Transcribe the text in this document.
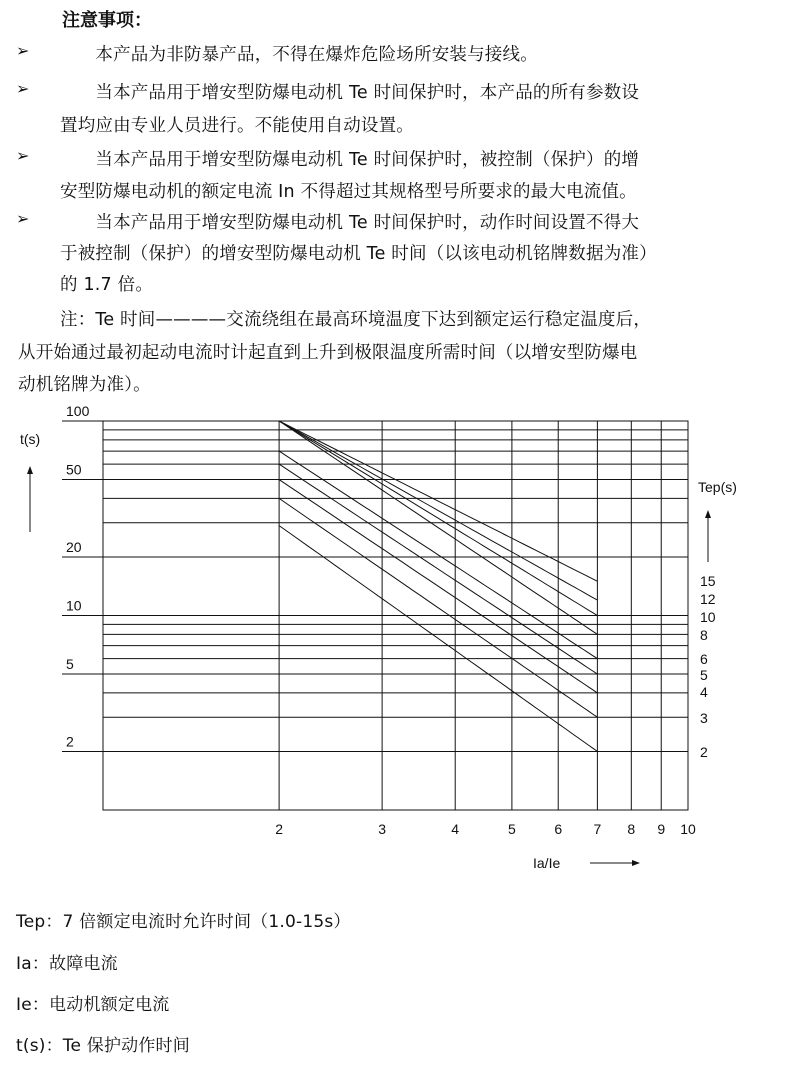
注意事项：
➢ 　　本产品为非防暴产品，不得在爆炸危险场所安装与接线。
➢ 　　当本产品用于增安型防爆电动机 Te 时间保护时，本产品的所有参数设
置均应由专业人员进行。不能使用自动设置。
➢ 　　当本产品用于增安型防爆电动机 Te 时间保护时，被控制（保护）的增
安型防爆电动机的额定电流 In 不得超过其规格型号所要求的最大电流值。
➢ 　　当本产品用于增安型防爆电动机 Te 时间保护时，动作时间设置不得大
于被控制（保护）的增安型防爆电动机 Te 时间（以该电动机铭牌数据为准）
的 1.7 倍。
注：Te 时间————交流绕组在最高环境温度下达到额定运行稳定温度后，
从开始通过最初起动电流时计起直到上升到极限温度所需时间（以增安型防爆电
动机铭牌为准）。
t(s)
Tep(s)
Ia/Ie
100
50
20
10
5
2
2	3	4	5	6 7 8 9 10
2
3
4
5
6
8
10
12
15
Tep：7 倍额定电流时允许时间（1.0-15s）
Ia：故障电流
Ie：电动机额定电流
t(s)：Te 保护动作时间
